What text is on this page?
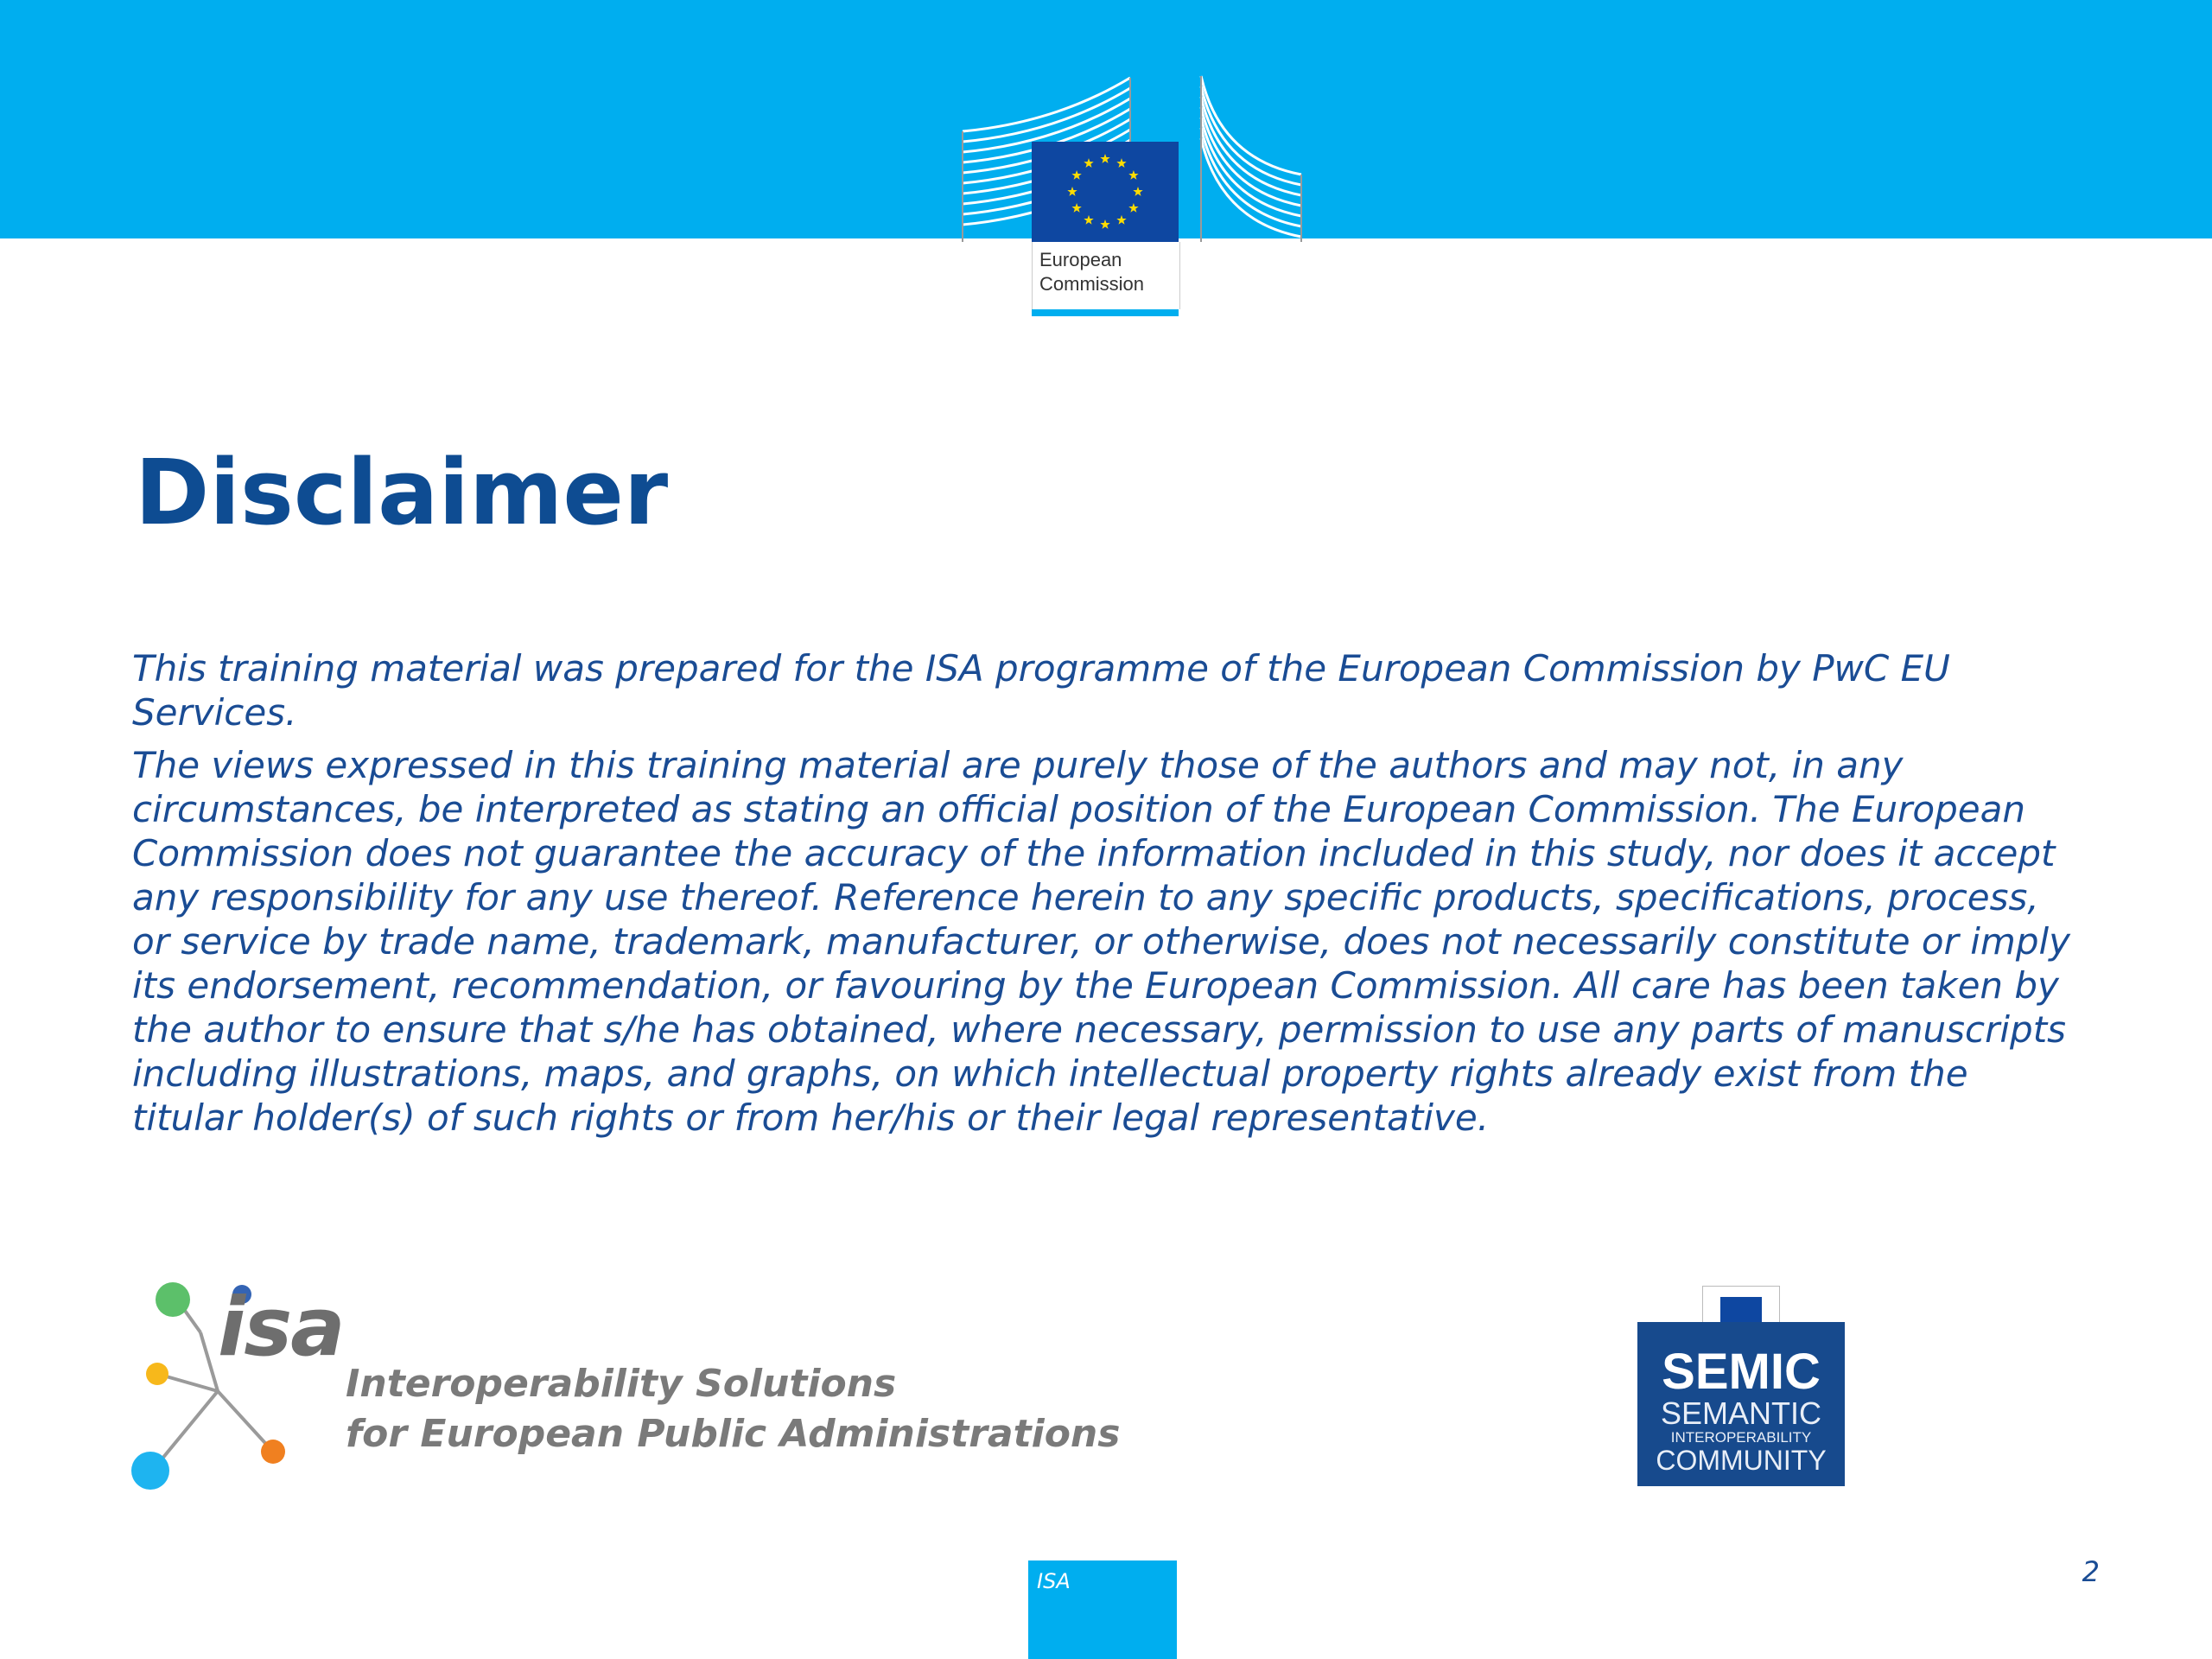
European
Commission
Disclaimer

This training material was prepared for the ISA programme of the European Commission by PwC EU Services.

The views expressed in this training material are purely those of the authors and may not, in any circumstances, be interpreted as stating an official position of the European Commission. The European Commission does not guarantee the accuracy of the information included in this study, nor does it accept any responsibility for any use thereof. Reference herein to any specific products, specifications, process, or service by trade name, trademark, manufacturer, or otherwise, does not necessarily constitute or imply its endorsement, recommendation, or favouring by the European Commission. All care has been taken by the author to ensure that s/he has obtained, where necessary, permission to use any parts of manuscripts including illustrations, maps, and graphs, on which intellectual property rights already exist from the titular holder(s) of such rights or from her/his or their legal representative.

isa
Interoperability Solutions
for European Public Administrations
SEMIC
SEMANTIC
INTEROPERABILITY
COMMUNITY
ISA	2
